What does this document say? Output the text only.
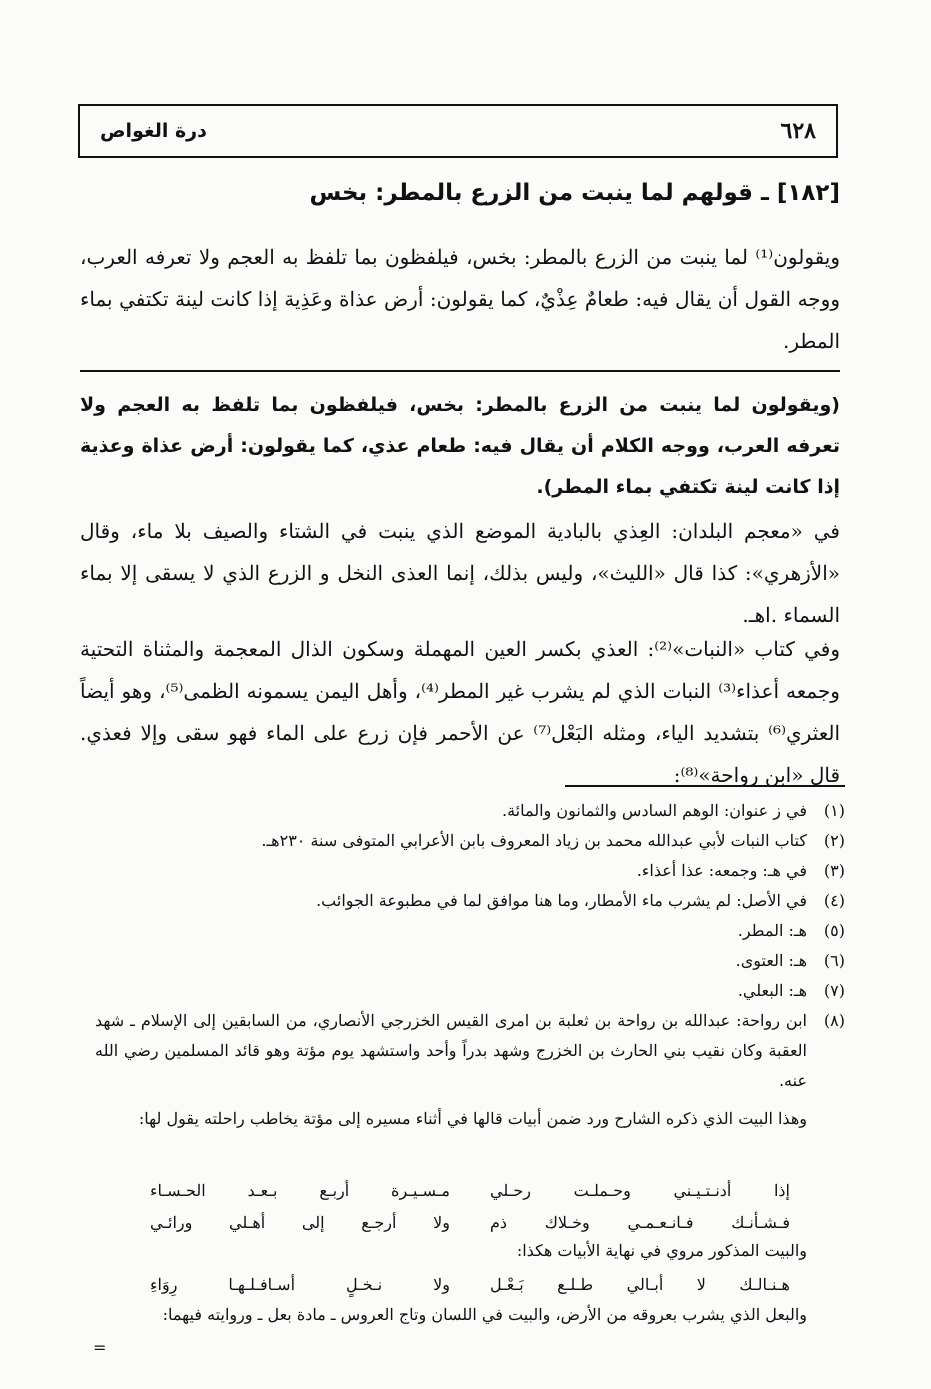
٦٢٨
درة الغواص
[١٨٢] ـ قولهم لما ينبت من الزرع بالمطر: بخس

ويقولون⁽¹⁾ لما ينبت من الزرع بالمطر: بخس، فيلفظون بما تلفظ به العجم ولا تعرفه العرب، ووجه القول أن يقال فيه: طعامٌ عِذْيٌ، كما يقولون: أرض عذاة وعَذِية إذا كانت لينة تكتفي بماء المطر.

(ويقولون لما ينبت من الزرع بالمطر: بخس، فيلفظون بما تلفظ به العجم ولا تعرفه العرب، ووجه الكلام أن يقال فيه: طعام عذي، كما يقولون: أرض عذاة وعذية إذا كانت لينة تكتفي بماء المطر).

في «معجم البلدان: العِذي بالبادية الموضع الذي ينبت في الشتاء والصيف بلا ماء، وقال «الأزهري»: كذا قال «الليث»، وليس بذلك، إنما العذى النخل و الزرع الذي لا يسقى إلا بماء السماء .اهـ.

وفي كتاب «النبات»⁽²⁾: العذي بكسر العين المهملة وسكون الذال المعجمة والمثناة التحتية وجمعه أعذاء⁽³⁾ النبات الذي لم يشرب غير المطر⁽⁴⁾، وأهل اليمن يسمونه الظمى⁽⁵⁾، وهو أيضاً العثري⁽⁶⁾ بتشديد الياء، ومثله البَعْل⁽⁷⁾ عن الأحمر فإن زرع على الماء فهو سقى وإلا فعذي. قال «ابن رواحة»⁽⁸⁾:

(١)
في ز عنوان: الوهم السادس والثمانون والمائة.
(٢)
كتاب النبات لأبي عبدالله محمد بن زياد المعروف بابن الأعرابي المتوفى سنة ٢٣٠هـ.
(٣)
في هـ: وجمعه: عذا أعذاء.
(٤)
في الأصل: لم يشرب ماء الأمطار، وما هنا موافق لما في مطبوعة الجوائب.
(٥)
هـ: المطر.
(٦)
هـ: العتوى.
(٧)
هـ: البعلي.
(٨)
ابن رواحة: عبدالله بن رواحة بن ثعلبة بن امرى القيس الخزرجي الأنصاري، من السابقين إلى الإسلام ـ شهد العقبة وكان نقيب بني الحارث بن الخزرج وشهد بدراً وأحد واستشهد يوم مؤتة وهو قائد المسلمين رضي الله عنه.
وهذا البيت الذي ذكره الشارح ورد ضمن أبيات قالها في أثناء مسيره إلى مؤتة يخاطب راحلته يقول لها:
إذا أدنـتـيـني وحـملـت رحـلي
مـسـيـرة أربـع بـعـد الحـسـاء
فـشـأنـك فـانـعـمـي وخـلاك ذم
ولا أرجـع إلى أهـلي ورائـي
والبيت المذكور مروي في نهاية الأبيات هكذا:
هـنـالـك لا أبـالي طـلـع بَـعْـل
ولا نـخـلٍ أسـافـلـهـا رِوَاءِ
والبعل الذي يشرب بعروقه من الأرض، والبيت في اللسان وتاج العروس ـ مادة بعل ـ وروايته فيهما:
=
